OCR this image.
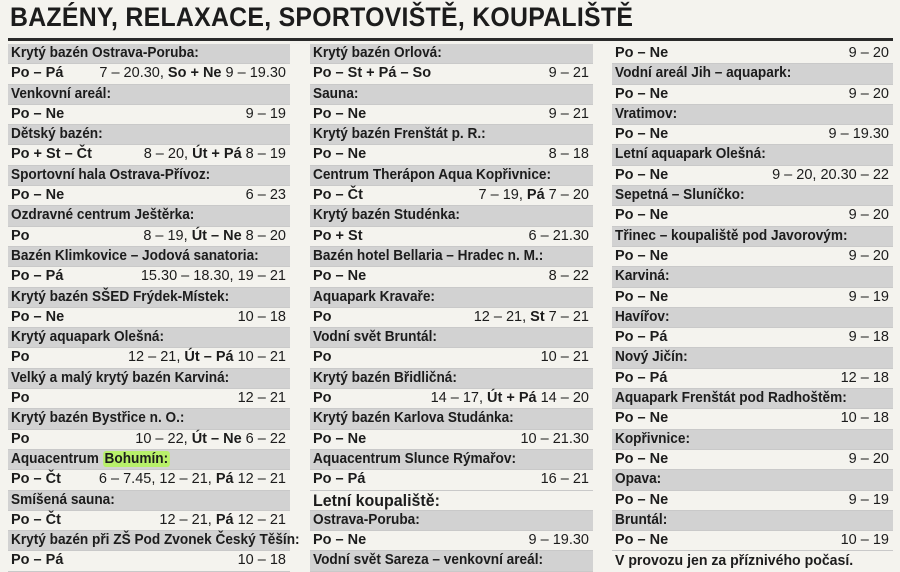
BAZÉNY, RELAXACE, SPORTOVIŠTĚ, KOUPALIŠTĚ
Krytý bazén Ostrava-Poruba:
Po – Pá 7 – 20.30, So + Ne 9 – 19.30
Venkovní areál:
Po – Ne	9 – 19
Dětský bazén:
Po + St – Čt	8 – 20, Út + Pá 8 – 19
Sportovní hala Ostrava-Přívoz:
Po – Ne	6 – 23
Ozdravné centrum Ještěrka:
Po	8 – 19, Út – Ne 8 – 20
Bazén Klimkovice – Jodová sanatoria:
Po – Pá	15.30 – 18.30, 19 – 21
Krytý bazén SŠED Frýdek-Místek:
Po – Ne	10 – 18
Krytý aquapark Olešná:
Po	12 – 21, Út – Pá 10 – 21
Velký a malý krytý bazén Karviná:
Po	12 – 21
Krytý bazén Bystřice n. O.:
Po	10 – 22, Út – Ne 6 – 22
Aquacentrum Bohumín:
Po – Čt	6 – 7.45, 12 – 21, Pá 12 – 21
Smíšená sauna:
Po – Čt	12 – 21, Pá 12 – 21
Krytý bazén při ZŠ Pod Zvonek Český Těšín:
Po – Pá	10 – 18
Krytý bazén Orlová:
Po – St + Pá – So	9 – 21
Sauna:
Po – Ne	9 – 21
Krytý bazén Frenštát p. R.:
Po – Ne	8 – 18
Centrum Therápon Aqua Kopřivnice:
Po – Čt	7 – 19, Pá 7 – 20
Krytý bazén Studénka:
Po + St	6 – 21.30
Bazén hotel Bellaria – Hradec n. M.:
Po – Ne	8 – 22
Aquapark Kravaře:
Po	12 – 21, St 7 – 21
Vodní svět Bruntál:
Po	10 – 21
Krytý bazén Břidličná:
Po	14 – 17, Út + Pá 14 – 20
Krytý bazén Karlova Studánka:
Po – Ne	10 – 21.30
Aquacentrum Slunce Rýmařov:
Po – Pá	16 – 21
Letní koupaliště:
Ostrava-Poruba:
Po – Ne	9 – 19.30
Vodní svět Sareza – venkovní areál:
Po – Ne	9 – 20
Vodní areál Jih – aquapark:
Po – Ne	9 – 20
Vratimov:
Po – Ne	9 – 19.30
Letní aquapark Olešná:
Po – Ne	9 – 20, 20.30 – 22
Sepetná – Sluníčko:
Po – Ne	9 – 20
Třinec – koupaliště pod Javorovým:
Po – Ne	9 – 20
Karviná:
Po – Ne	9 – 19
Havířov:
Po – Pá	9 – 18
Nový Jičín:
Po – Pá	12 – 18
Aquapark Frenštát pod Radhoštěm:
Po – Ne	10 – 18
Kopřivnice:
Po – Ne	9 – 20
Opava:
Po – Ne	9 – 19
Bruntál:
Po – Ne	10 – 19
V provozu jen za příznivého počasí.
